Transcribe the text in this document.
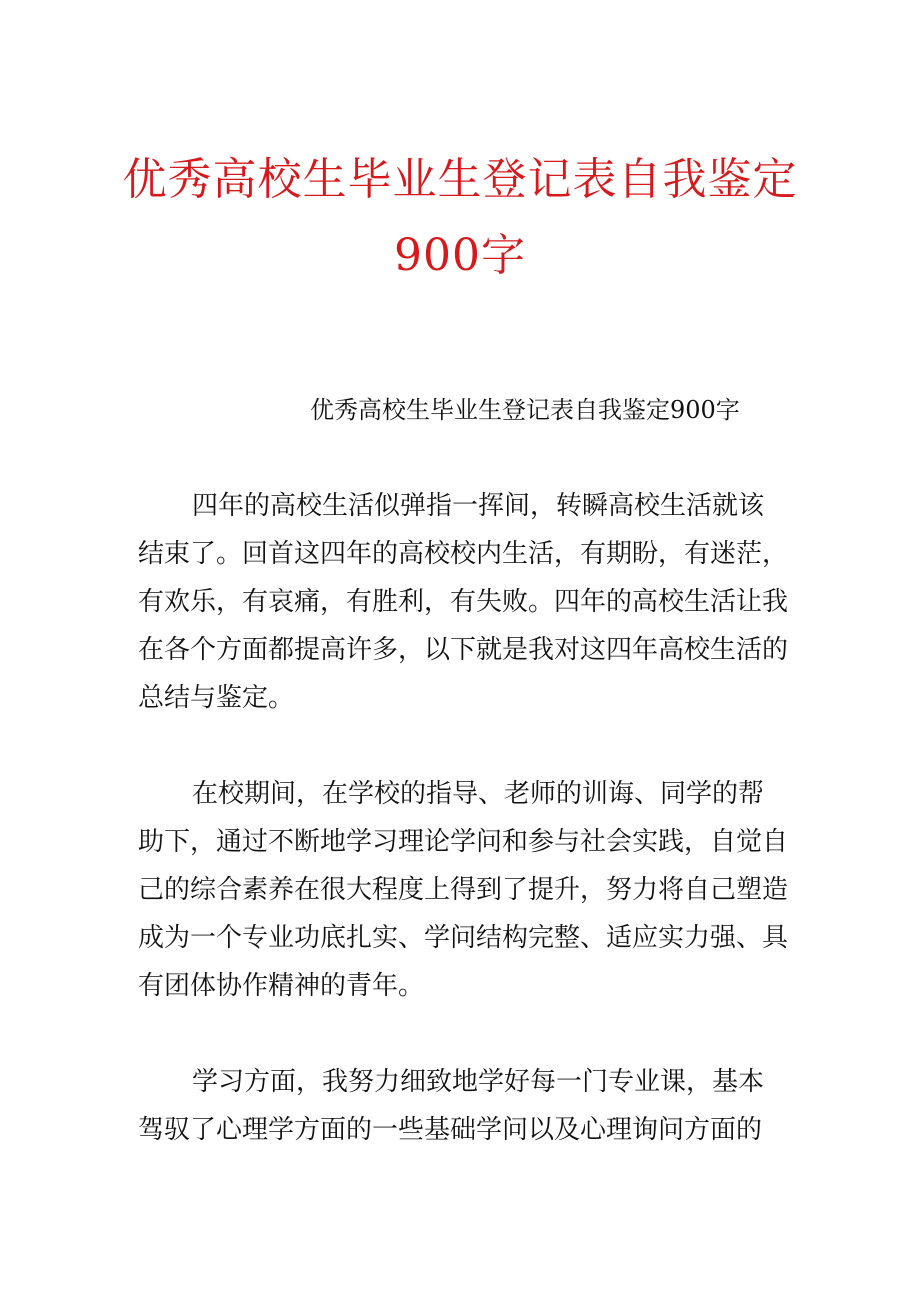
优秀高校生毕业生登记表自我鉴定
900字

优秀高校生毕业生登记表自我鉴定900字

四年的高校生活似弹指一挥间，转瞬高校生活就该
结束了。回首这四年的高校校内生活，有期盼，有迷茫，
有欢乐，有哀痛，有胜利，有失败。四年的高校生活让我
在各个方面都提高许多，以下就是我对这四年高校生活的
总结与鉴定。

在校期间，在学校的指导、老师的训诲、同学的帮
助下，通过不断地学习理论学问和参与社会实践，自觉自
己的综合素养在很大程度上得到了提升，努力将自己塑造
成为一个专业功底扎实、学问结构完整、适应实力强、具
有团体协作精神的青年。

学习方面，我努力细致地学好每一门专业课，基本
驾驭了心理学方面的一些基础学问以及心理询问方面的
